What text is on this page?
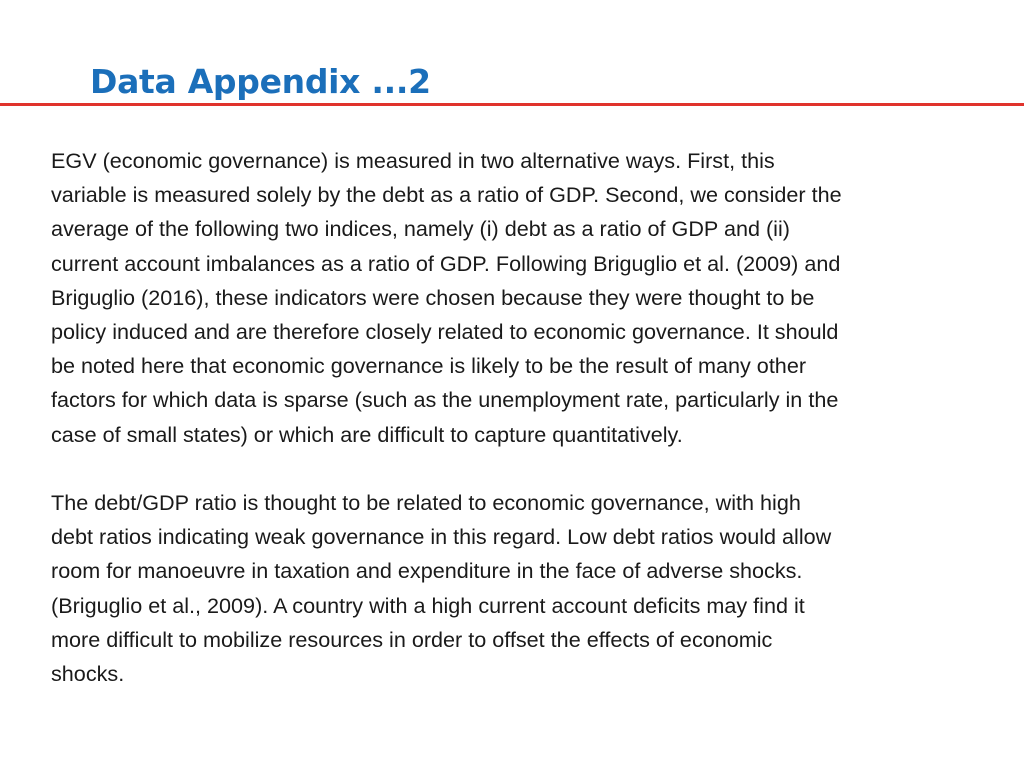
Data Appendix ...2

EGV (economic governance) is measured in two alternative ways. First, this
variable is measured solely by the debt as a ratio of GDP. Second, we consider the
average of the following two indices, namely (i) debt as a ratio of GDP and (ii)
current account imbalances as a ratio of GDP. Following Briguglio et al. (2009) and
Briguglio (2016), these indicators were chosen because they were thought to be
policy induced and are therefore closely related to economic governance. It should
be noted here that economic governance is likely to be the result of many other
factors for which data is sparse (such as the unemployment rate, particularly in the
case of small states) or which are difficult to capture quantitatively.

The debt/GDP ratio is thought to be related to economic governance, with high
debt ratios indicating weak governance in this regard. Low debt ratios would allow
room for manoeuvre in taxation and expenditure in the face of adverse shocks.
(Briguglio et al., 2009). A country with a high current account deficits may find it
more difficult to mobilize resources in order to offset the effects of economic
shocks.
